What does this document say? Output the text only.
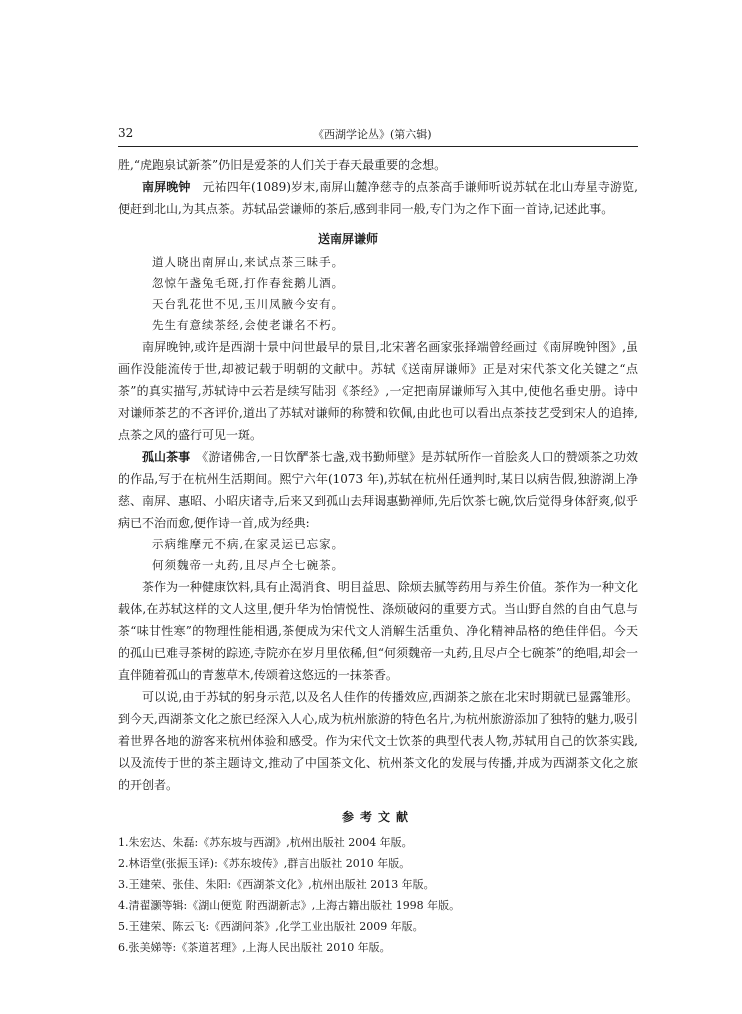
32	《西湖学论丛》(第六辑)

胜,“虎跑泉试新茶”仍旧是爱茶的人们关于春天最重要的念想。

南屏晚钟　元祐四年(1089)岁末,南屏山麓净慈寺的点茶高手谦师听说苏轼在北山寿星寺游览,便赶到北山,为其点茶。苏轼品尝谦师的茶后,感到非同一般,专门为之作下面一首诗,记述此事。

送南屏谦师
道人晓出南屏山,来试点茶三昧手。
忽惊午盏兔毛斑,打作春瓮鹅儿酒。
天台乳花世不见,玉川凤腋今安有。
先生有意续茶经,会使老谦名不朽。

南屏晚钟,或许是西湖十景中问世最早的景目,北宋著名画家张择端曾经画过《南屏晚钟图》,虽画作没能流传于世,却被记载于明朝的文献中。苏轼《送南屏谦师》正是对宋代茶文化关键之“点茶”的真实描写,苏轼诗中云若是续写陆羽《茶经》,一定把南屏谦师写入其中,使他名垂史册。诗中对谦师茶艺的不吝评价,道出了苏轼对谦师的称赞和钦佩,由此也可以看出点茶技艺受到宋人的追捧,点茶之风的盛行可见一斑。

孤山茶事　《游诸佛舍,一日饮酽茶七盏,戏书勤师壁》是苏轼所作一首脍炙人口的赞颂茶之功效的作品,写于在杭州生活期间。熙宁六年(1073 年),苏轼在杭州任通判时,某日以病告假,独游湖上净慈、南屏、惠昭、小昭庆诸寺,后来又到孤山去拜谒惠勤禅师,先后饮茶七碗,饮后觉得身体舒爽,似乎病已不治而愈,便作诗一首,成为经典:

示病维摩元不病,在家灵运已忘家。
何须魏帝一丸药,且尽卢仝七碗茶。

茶作为一种健康饮料,具有止渴消食、明目益思、除烦去腻等药用与养生价值。茶作为一种文化载体,在苏轼这样的文人这里,便升华为怡情悦性、涤烦破闷的重要方式。当山野自然的自由气息与茶“味甘性寒”的物理性能相遇,茶便成为宋代文人消解生活重负、净化精神品格的绝佳伴侣。今天的孤山已难寻茶树的踪迹,寺院亦在岁月里依稀,但“何须魏帝一丸药,且尽卢仝七碗茶”的绝唱,却会一直伴随着孤山的青葱草木,传颂着这悠远的一抹茶香。

可以说,由于苏轼的躬身示范,以及名人佳作的传播效应,西湖茶之旅在北宋时期就已显露雏形。到今天,西湖茶文化之旅已经深入人心,成为杭州旅游的特色名片,为杭州旅游添加了独特的魅力,吸引着世界各地的游客来杭州体验和感受。作为宋代文士饮茶的典型代表人物,苏轼用自己的饮茶实践,以及流传于世的茶主题诗文,推动了中国茶文化、杭州茶文化的发展与传播,并成为西湖茶文化之旅的开创者。

参考文献
1.朱宏达、朱磊:《苏东坡与西湖》,杭州出版社 2004 年版。
2.林语堂(张振玉译):《苏东坡传》,群言出版社 2010 年版。
3.王建荣、张佳、朱阳:《西湖茶文化》,杭州出版社 2013 年版。
4.清翟灏等辑:《湖山便览 附西湖新志》,上海古籍出版社 1998 年版。
5.王建荣、陈云飞:《西湖问茶》,化学工业出版社 2009 年版。
6.张美娣等:《茶道茗理》,上海人民出版社 2010 年版。
